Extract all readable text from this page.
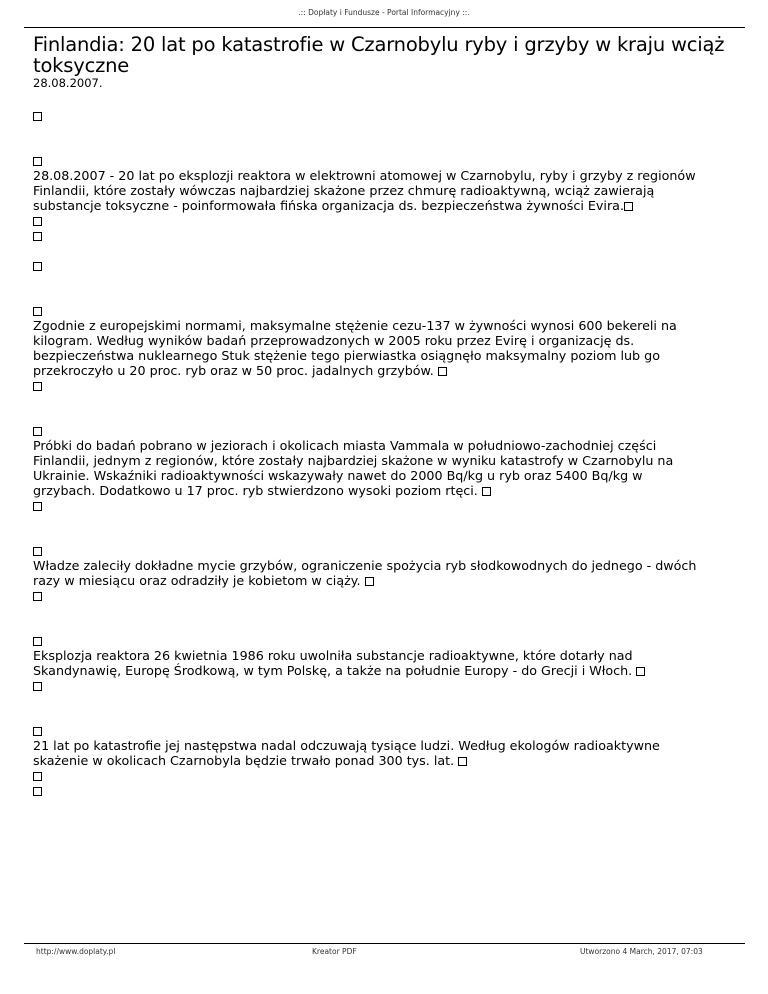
.:: Dopłaty i Fundusze - Portal Informacyjny ::.
Finlandia: 20 lat po katastrofie w Czarnobylu ryby i grzyby w kraju wciąż toksyczne
28.08.2007.
28.08.2007 - 20 lat po eksplozji reaktora w elektrowni atomowej w Czarnobylu, ryby i grzyby z regionów
Finlandii, które zostały wówczas najbardziej skażone przez chmurę radioaktywną, wciąż zawierają
substancje toksyczne - poinformowała fińska organizacja ds. bezpieczeństwa żywności Evira.
Zgodnie z europejskimi normami, maksymalne stężenie cezu-137 w żywności wynosi 600 bekereli na
kilogram. Według wyników badań przeprowadzonych w 2005 roku przez Evirę i organizację ds.
bezpieczeństwa nuklearnego Stuk stężenie tego pierwiastka osiągnęło maksymalny poziom lub go
przekroczyło u 20 proc. ryb oraz w 50 proc. jadalnych grzybów.
Próbki do badań pobrano w jeziorach i okolicach miasta Vammala w południowo-zachodniej części
Finlandii, jednym z regionów, które zostały najbardziej skażone w wyniku katastrofy w Czarnobylu na
Ukrainie. Wskaźniki radioaktywności wskazywały nawet do 2000 Bq/kg u ryb oraz 5400 Bq/kg w
grzybach. Dodatkowo u 17 proc. ryb stwierdzono wysoki poziom rtęci.
Władze zaleciły dokładne mycie grzybów, ograniczenie spożycia ryb słodkowodnych do jednego - dwóch
razy w miesiącu oraz odradziły je kobietom w ciąży.
Eksplozja reaktora 26 kwietnia 1986 roku uwolniła substancje radioaktywne, które dotarły nad
Skandynawię, Europę Środkową, w tym Polskę, a także na południe Europy - do Grecji i Włoch.
21 lat po katastrofie jej następstwa nadal odczuwają tysiące ludzi. Według ekologów radioaktywne
skażenie w okolicach Czarnobyla będzie trwało ponad 300 tys. lat.
http://www.doplaty.pl	Kreator PDF	Utworzono 4 March, 2017, 07:03
